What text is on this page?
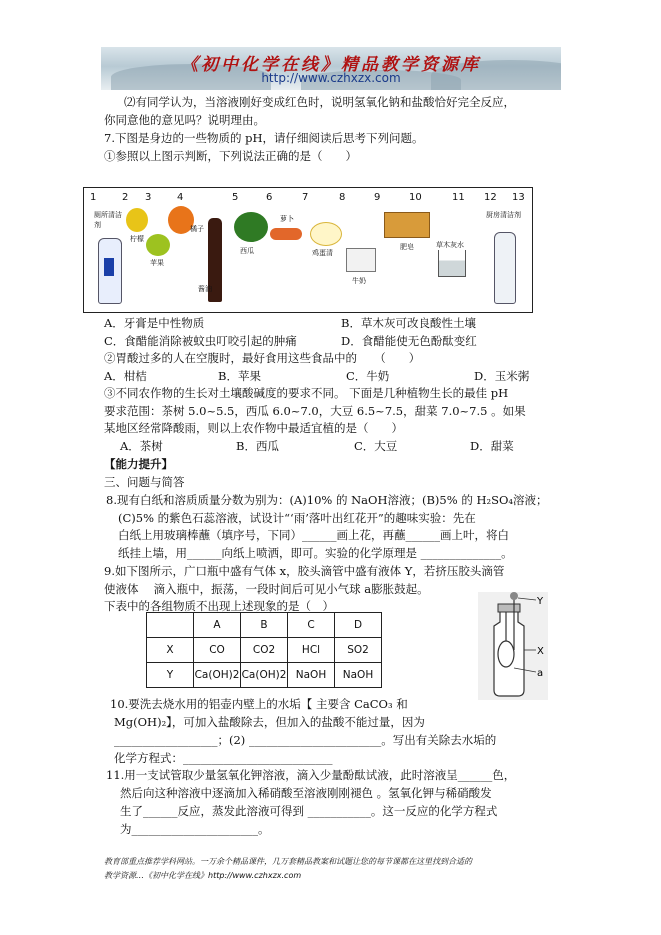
《初中化学在线》精品教学资源库
http://www.czhxzx.com
⑵有同学认为，当溶液刚好变成红色时，说明氢氧化钠和盐酸恰好完全反应，
你同意他的意见吗？说明理由。
7.下图是身边的一些物质的 pH，请仔细阅读后思考下列问题。
①参照以上图示判断，下列说法正确的是（　　）
1	2 3	4	5	6	7	8	9	10	11 12 13
厕所清洁剂
柠檬
苹果
橘子
酱油
西瓜
萝卜
鸡蛋清
牛奶
肥皂	草木灰水
厨房清洁剂
A．牙膏是中性物质	B．草木灰可改良酸性土壤
C．食醋能消除被蚊虫叮咬引起的肿痛	D．食醋能使无色酚酞变红
②胃酸过多的人在空腹时，最好食用这些食品中的　　（　　）
A．柑桔	B．苹果	C．牛奶	D．玉米粥
③不同农作物的生长对土壤酸碱度的要求不同。 下面是几种植物生长的最佳 pH
要求范围：茶树 5.0~5.5，西瓜 6.0~7.0，大豆 6.5~7.5，甜菜 7.0~7.5 。如果
某地区经常降酸雨，则以上农作物中最适宜植的是（　　）
A．茶树	B．西瓜	C．大豆	D．甜菜
【能力提升】
三、问题与简答
8.现有白纸和溶质质量分数为别为：(A)10% 的 NaOH溶液；(B)5% 的 H₂SO₄溶液；
(C)5% 的紫色石蕊溶液，试设计“‘雨’落叶出红花开”的趣味实验：先在
白纸上用玻璃棒蘸（填序号，下同）______画上花，再蘸______画上叶，将白
纸挂上墙，用______向纸上喷洒，即可。实验的化学原理是 ______________。
9.如下图所示，广口瓶中盛有气体 x，胶头滴管中盛有液体 Y，若挤压胶头滴管
使液体　 滴入瓶中，振荡，一段时间后可见小气球 a膨胀鼓起。
下表中的各组物质不出现上述现象的是（　）
	A	B	C	D
X	CO	CO2	HCl	SO2
Y	Ca(OH)2	Ca(OH)2	NaOH	NaOH
Y
X
a
10.要洗去烧水用的铝壶内壁上的水垢【 主要含 CaCO₃ 和
Mg(OH)₂】，可加入盐酸除去，但加入的盐酸不能过量，因为
__________________；(2) _______________________。写出有关除去水垢的
化学方程式：__________________________
11.用一支试管取少量氢氧化钾溶液，滴入少量酚酞试液，此时溶液呈______色，
然后向这种溶液中逐滴加入稀硝酸至溶液刚刚褪色 。氢氧化钾与稀硝酸发
生了______反应，蒸发此溶液可得到 ___________。这一反应的化学方程式
为______________________。
教育部重点推荐学科网站。一万余个精品课件，几万套精品教案和试题让您的每节课都在这里找到合适的
教学资源…《初中化学在线》http://www.czhxzx.com
